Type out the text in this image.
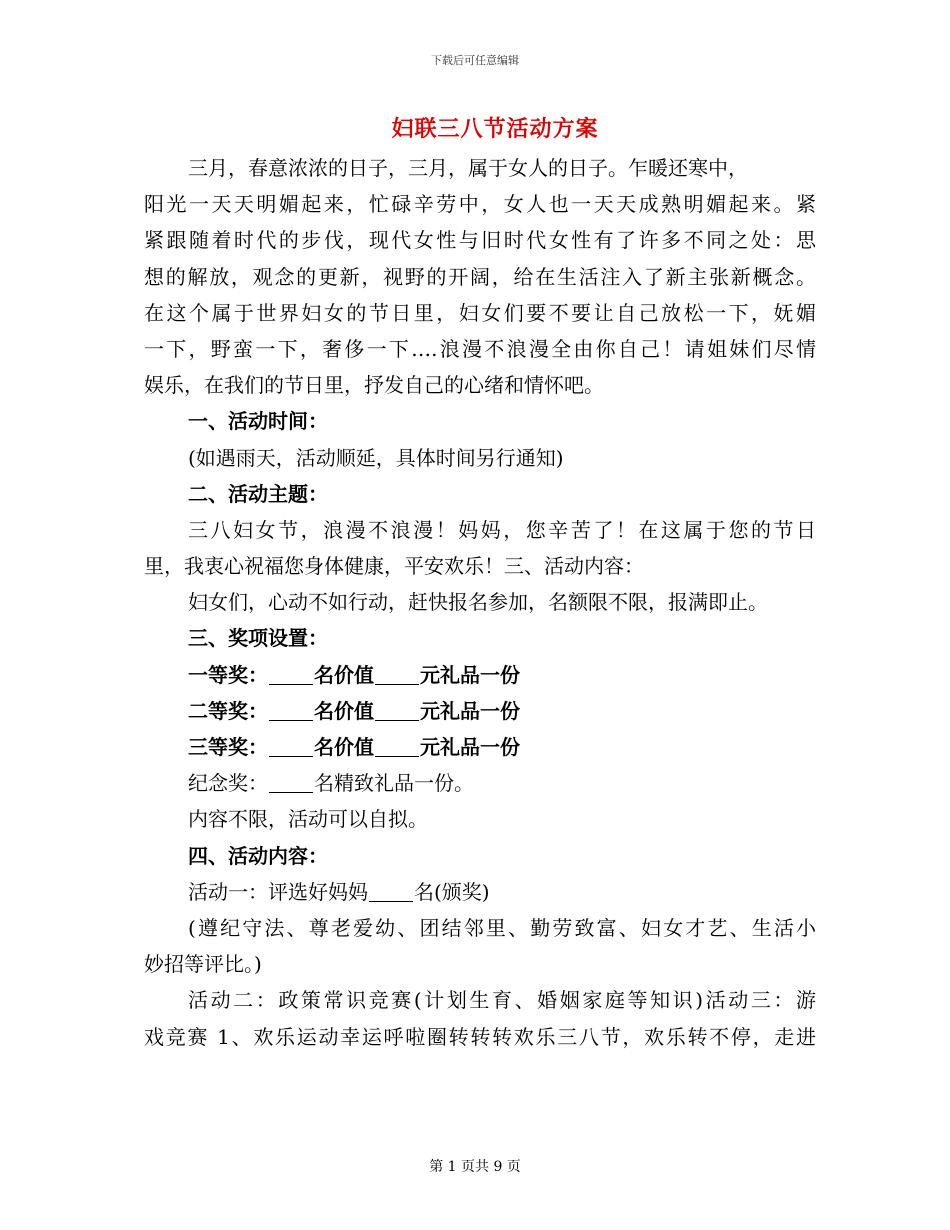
下载后可任意编辑
妇联三八节活动方案
三月，春意浓浓的日子，三月，属于女人的日子。乍暖还寒中，
阳光一天天明媚起来，忙碌辛劳中，女人也一天天成熟明媚起来。紧
紧跟随着时代的步伐，现代女性与旧时代女性有了许多不同之处：思
想的解放，观念的更新，视野的开阔，给在生活注入了新主张新概念。
在这个属于世界妇女的节日里，妇女们要不要让自己放松一下，妩媚
一下，野蛮一下，奢侈一下….浪漫不浪漫全由你自己！请姐妹们尽情
娱乐，在我们的节日里，抒发自己的心绪和情怀吧。
一、活动时间：
(如遇雨天，活动顺延，具体时间另行通知)
二、活动主题：
三八妇女节，浪漫不浪漫！妈妈，您辛苦了！在这属于您的节日
里，我衷心祝福您身体健康，平安欢乐！三、活动内容：
妇女们，心动不如行动，赶快报名参加，名额限不限，报满即止。
三、奖项设置：
一等奖： 名价值 元礼品一份
二等奖： 名价值 元礼品一份
三等奖： 名价值 元礼品一份
纪念奖： 名精致礼品一份。
内容不限，活动可以自拟。
四、活动内容：
活动一：评选好妈妈 名(颁奖)
(遵纪守法、尊老爱幼、团结邻里、勤劳致富、妇女才艺、生活小
妙招等评比。)
活动二：政策常识竞赛(计划生育、婚姻家庭等知识)活动三：游
戏竞赛 1、欢乐运动幸运呼啦圈转转转欢乐三八节，欢乐转不停，走进
第 1 页共 9 页
